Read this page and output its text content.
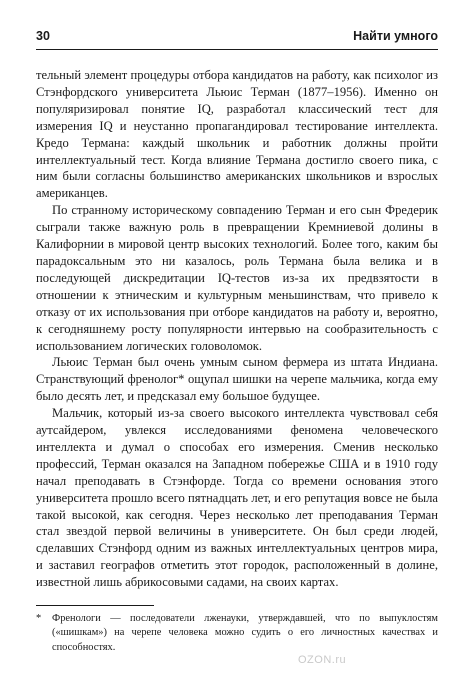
30	Найти умного

тельный элемент процедуры отбора кандидатов на работу, как психолог из Стэнфордского университета Льюис Терман (1877–1956). Именно он популяризировал понятие IQ, разработал классический тест для измерения IQ и неустанно пропагандировал тестирование интеллекта. Кредо Термана: каждый школьник и работник должны пройти интеллектуальный тест. Когда влияние Термана достигло своего пика, с ним были согласны большинство американских школьников и взрослых американцев.

По странному историческому совпадению Терман и его сын Фредерик сыграли также важную роль в превращении Кремниевой долины в Калифорнии в мировой центр высоких технологий. Более того, каким бы парадоксальным это ни казалось, роль Термана была велика и в последующей дискредитации IQ-тестов из-за их предвзятости в отношении к этническим и культурным меньшинствам, что привело к отказу от их использования при отборе кандидатов на работу и, вероятно, к сегодняшнему росту популярности интервью на сообразительность с использованием логических головоломок.

Льюис Терман был очень умным сыном фермера из штата Индиана. Странствующий френолог* ощупал шишки на черепе мальчика, когда ему было десять лет, и предсказал ему большое будущее.

Мальчик, который из-за своего высокого интеллекта чувствовал себя аутсайдером, увлекся исследованиями феномена человеческого интеллекта и думал о способах его измерения. Сменив несколько профессий, Терман оказался на Западном побережье США и в 1910 году начал преподавать в Стэнфорде. Тогда со времени основания этого университета прошло всего пятнадцать лет, и его репутация вовсе не была такой высокой, как сегодня. Через несколько лет преподавания Терман стал звездой первой величины в университете. Он был среди людей, сделавших Стэнфорд одним из важных интеллектуальных центров мира, и заставил географов отметить этот городок, расположенный в долине, известной лишь абрикосовыми садами, на своих картах.

*	Френологи — последователи лженауки, утверждавшей, что по выпуклостям («шишкам») на черепе человека можно судить о его личностных качествах и способностях.
OZON.ru
